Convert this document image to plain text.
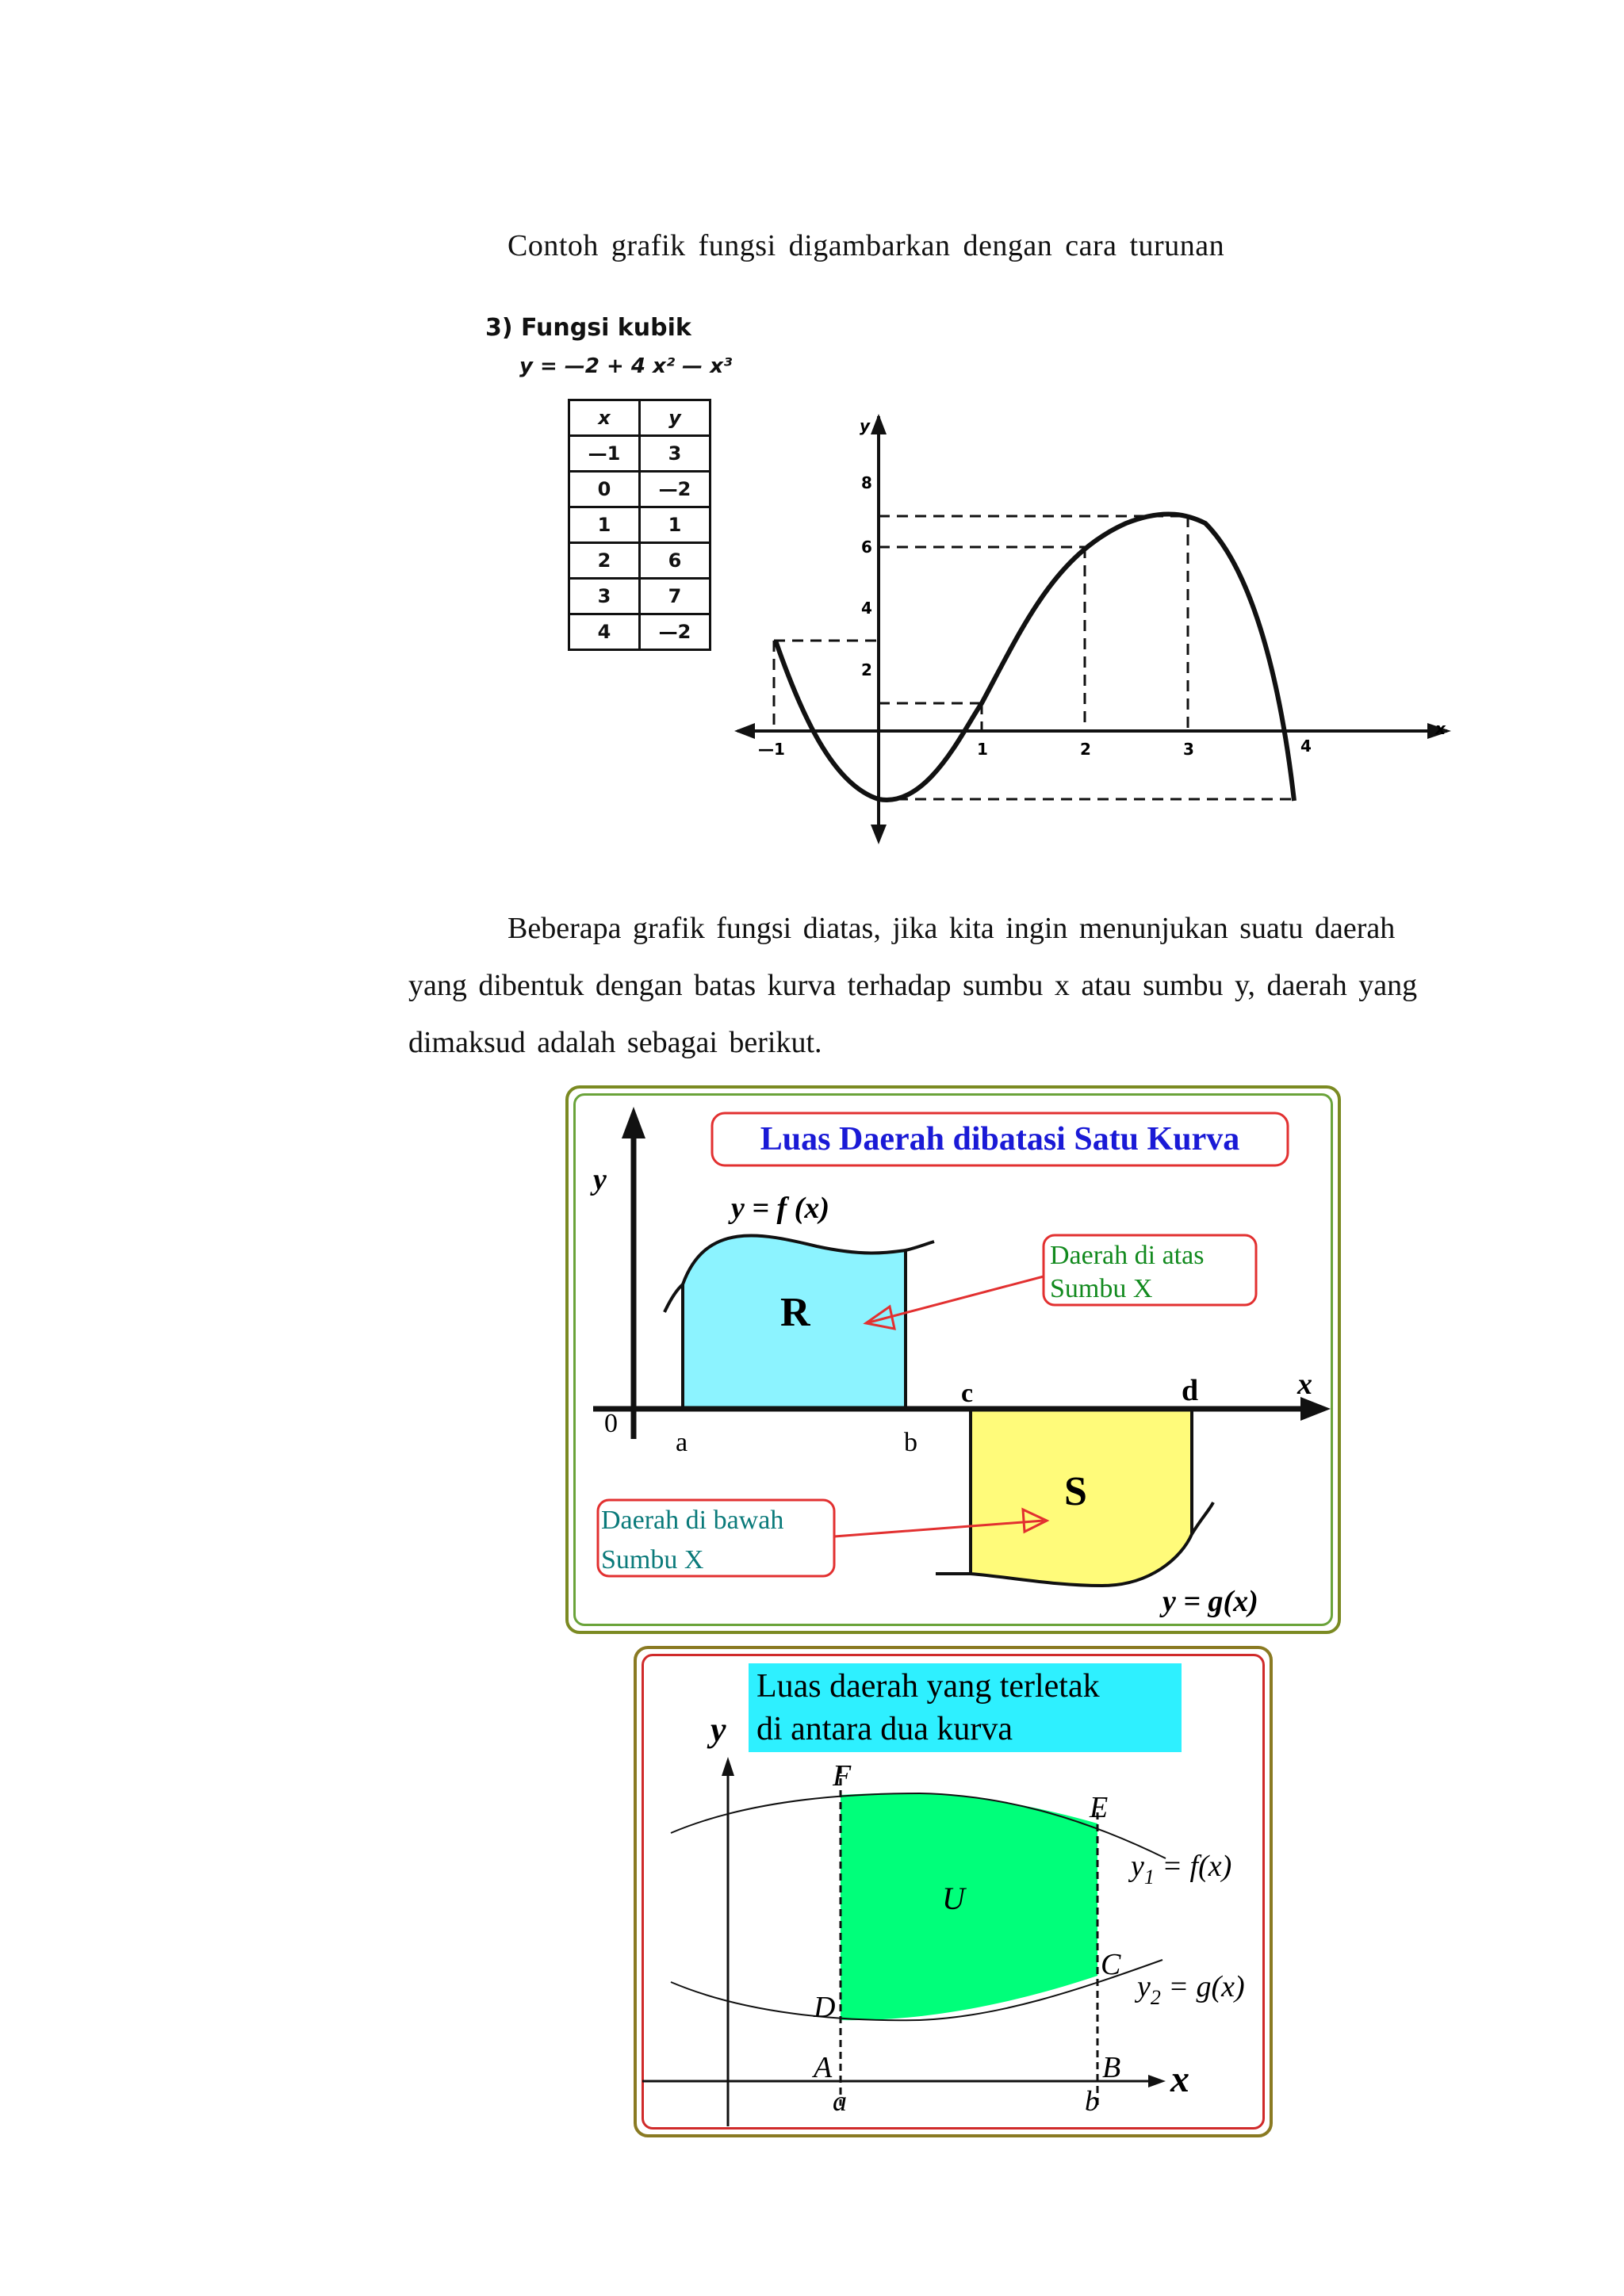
Contoh grafik fungsi digambarkan dengan cara turunan
3) Fungsi kubik
y = —2 + 4 x² — x³
x	y
—1	3
0	—2
1	1
2	6
3	7
4	—2
—1	1	2	3	4
2
4
6
8
x
y
Beberapa grafik fungsi diatas, jika kita ingin menunjukan suatu daerah yang dibentuk dengan batas kurva terhadap sumbu x atau sumbu y, daerah yang dimaksud adalah sebagai berikut.
Luas Daerah dibatasi Satu Kurva
y
x
0
y = f (x)
y = g(x)
R
S
a	b
c	d
Daerah di atas
Sumbu X
Daerah di bawah
Sumbu X
Luas daerah yang terletak
di antara dua kurva
y
x
U
F
E
D
C
A	B
a	b
$y_1 = f(x)$
$y_2 = g(x)$
